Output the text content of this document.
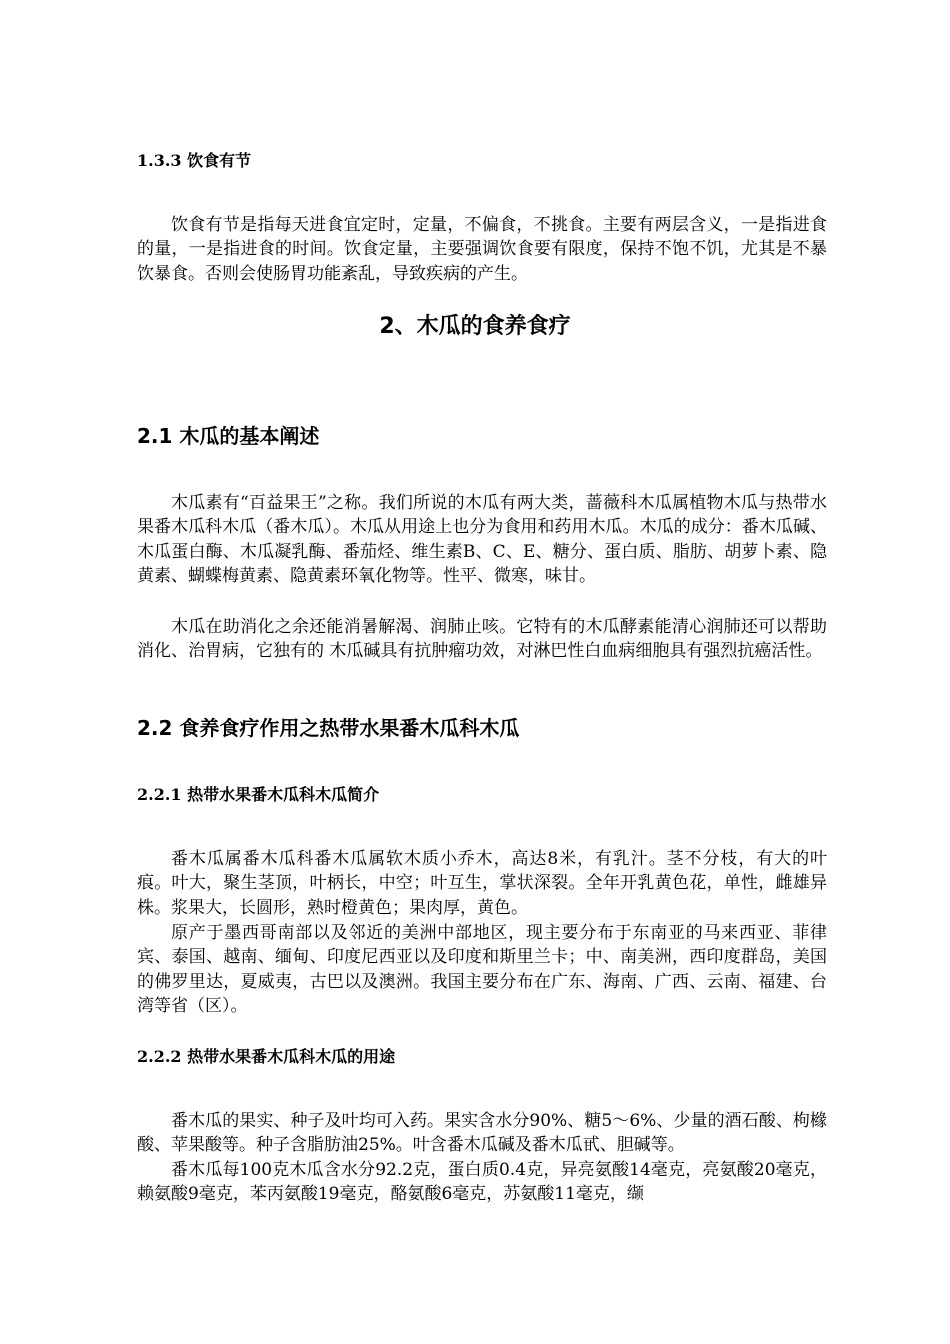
1.3.3 饮食有节
饮食有节是指每天进食宜定时，定量，不偏食，不挑食。主要有两层含义，一是指进食的量，一是指进食的时间。饮食定量，主要强调饮食要有限度，保持不饱不饥，尤其是不暴饮暴食。否则会使肠胃功能紊乱，导致疾病的产生。
2、木瓜的食养食疗
2.1 木瓜的基本阐述
木瓜素有“百益果王”之称。我们所说的木瓜有两大类，蔷薇科木瓜属植物木瓜与热带水果番木瓜科木瓜（番木瓜）。木瓜从用途上也分为食用和药用木瓜。木瓜的成分：番木瓜碱、木瓜蛋白酶、木瓜凝乳酶、番茄烃、维生素B、C、E、糖分、蛋白质、脂肪、胡萝卜素、隐黄素、蝴蝶梅黄素、隐黄素环氧化物等。性平、微寒，味甘。
木瓜在助消化之余还能消暑解渴、润肺止咳。它特有的木瓜酵素能清心润肺还可以帮助消化、治胃病，它独有的 木瓜碱具有抗肿瘤功效，对淋巴性白血病细胞具有强烈抗癌活性。
2.2 食养食疗作用之热带水果番木瓜科木瓜
2.2.1 热带水果番木瓜科木瓜简介
番木瓜属番木瓜科番木瓜属软木质小乔木，高达8米，有乳汁。茎不分枝，有大的叶痕。叶大，聚生茎顶，叶柄长，中空；叶互生，掌状深裂。全年开乳黄色花，单性，雌雄异株。浆果大，长圆形，熟时橙黄色；果肉厚，黄色。
原产于墨西哥南部以及邻近的美洲中部地区，现主要分布于东南亚的马来西亚、菲律宾、泰国、越南、缅甸、印度尼西亚以及印度和斯里兰卡；中、南美洲，西印度群岛，美国的佛罗里达，夏威夷，古巴以及澳洲。我国主要分布在广东、海南、广西、云南、福建、台湾等省（区）。
2.2.2 热带水果番木瓜科木瓜的用途
番木瓜的果实、种子及叶均可入药。果实含水分90%、糖5～6%、少量的酒石酸、枸橼酸、苹果酸等。种子含脂肪油25%。叶含番木瓜碱及番木瓜甙、胆碱等。
番木瓜每100克木瓜含水分92.2克，蛋白质0.4克，异亮氨酸14毫克，亮氨酸20毫克，赖氨酸9毫克，苯丙氨酸19毫克，酪氨酸6毫克，苏氨酸11毫克，缬
